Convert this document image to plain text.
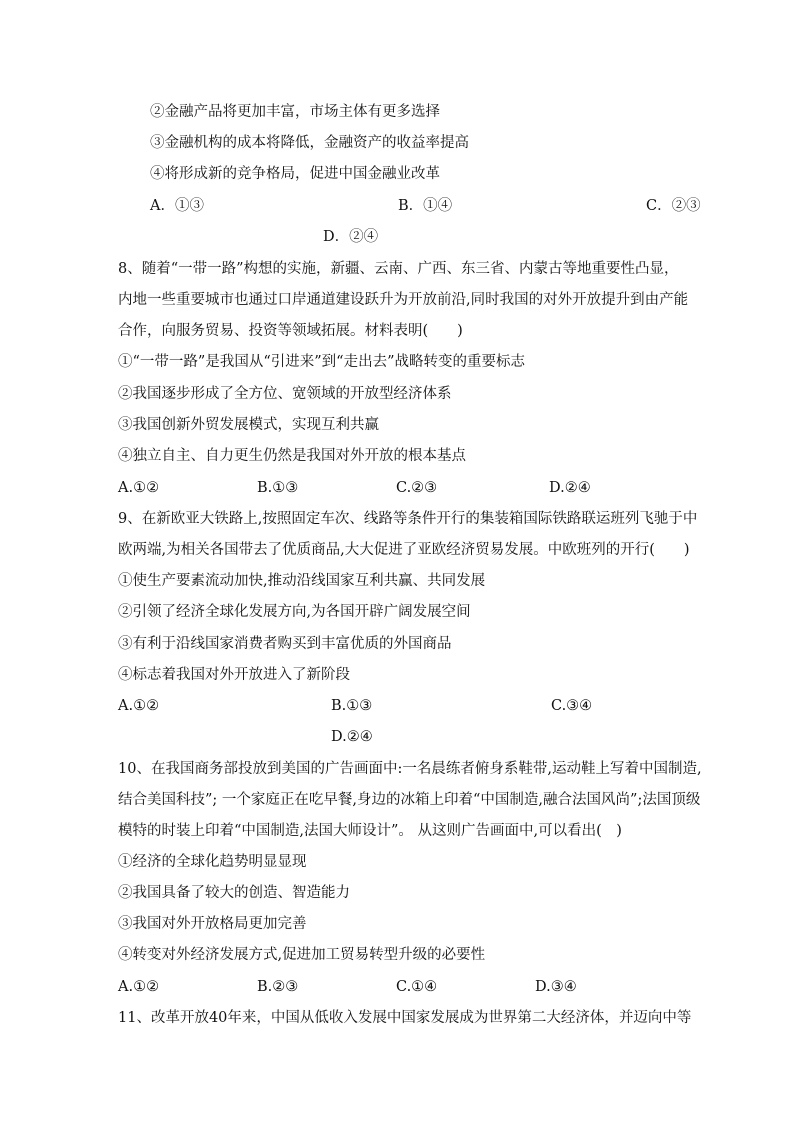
②金融产品将更加丰富，市场主体有更多选择
③金融机构的成本将降低，金融资产的收益率提高
④将形成新的竞争格局，促进中国金融业改革
A．①③	B．①④	C．②③
D．②④
8、随着“一带一路”构想的实施，新疆、云南、广西、东三省、内蒙古等地重要性凸显，
内地一些重要城市也通过口岸通道建设跃升为开放前沿,同时我国的对外开放提升到由产能
合作，向服务贸易、投资等领域拓展。材料表明(　　)
①“一带一路”是我国从“引进来”到“走出去”战略转变的重要标志
②我国逐步形成了全方位、宽领域的开放型经济体系
③我国创新外贸发展模式，实现互利共赢
④独立自主、自力更生仍然是我国对外开放的根本基点
A.①②	B.①③	C.②③	D.②④
9、在新欧亚大铁路上,按照固定车次、线路等条件开行的集装箱国际铁路联运班列飞驰于中
欧两端,为相关各国带去了优质商品,大大促进了亚欧经济贸易发展。中欧班列的开行(　　)
①使生产要素流动加快,推动沿线国家互利共赢、共同发展
②引领了经济全球化发展方向,为各国开辟广阔发展空间
③有利于沿线国家消费者购买到丰富优质的外国商品
④标志着我国对外开放进入了新阶段
A.①②	B.①③	C.③④
D.②④
10、在我国商务部投放到美国的广告画面中:一名晨练者俯身系鞋带,运动鞋上写着中国制造,
结合美国科技”; 一个家庭正在吃早餐,身边的冰箱上印着“中国制造,融合法国风尚”;法国顶级
模特的时装上印着“中国制造,法国大师设计”。 从这则广告画面中,可以看出(　)
①经济的全球化趋势明显显现
②我国具备了较大的创造、智造能力
③我国对外开放格局更加完善
④转变对外经济发展方式,促进加工贸易转型升级的必要性
A.①②	B.②③	C.①④	D.③④
11、改革开放40年来，中国从低收入发展中国家发展成为世界第二大经济体，并迈向中等
